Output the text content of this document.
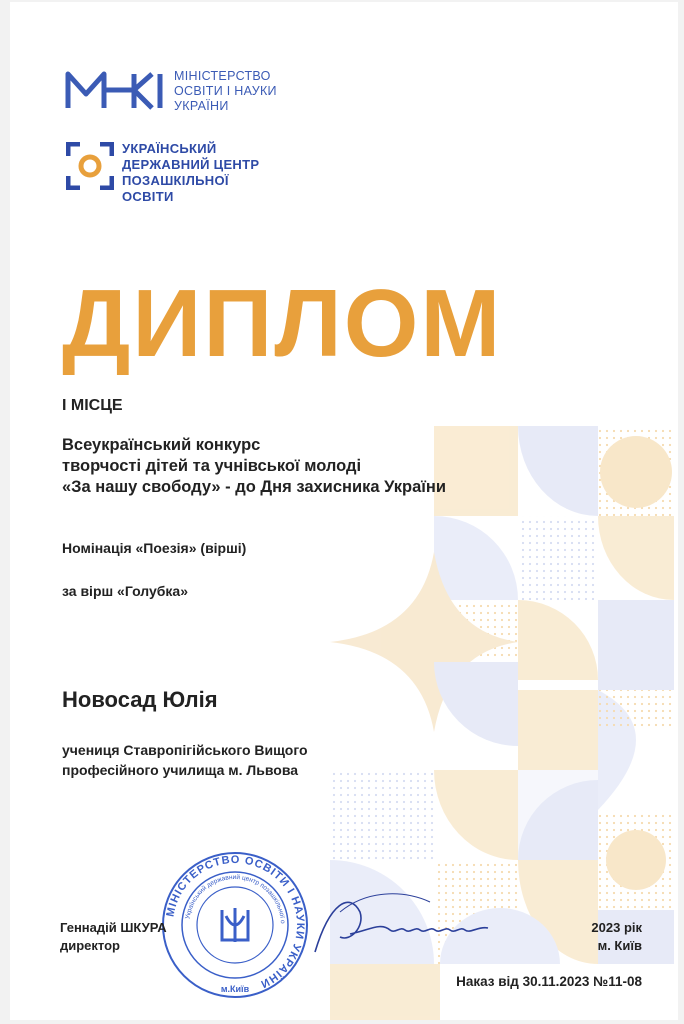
МІНІСТЕРСТВО
ОСВІТИ І НАУКИ
УКРАЇНИ
УКРАЇНСЬКИЙ
ДЕРЖАВНИЙ ЦЕНТР
ПОЗАШКІЛЬНОЇ
ОСВІТИ
ДИПЛОМ
І МІСЦЕ
Всеукраїнський конкурс
творчості дітей та учнівської молоді
«За нашу свободу» - до Дня захисника України
Номінація «Поезія» (вірші)
за вірш «Голубка»
Новосад Юлія
учениця Ставропігійського Вищого
професійного училища м. Львова
МІНІСТЕРСТВО ОСВІТИ І НАУКИ УКРАЇНИ
Український державний центр позашкільної о
м.Київ
Геннадій ШКУРА
директор
2023 рік
м. Київ
Наказ від 30.11.2023 №11-08
